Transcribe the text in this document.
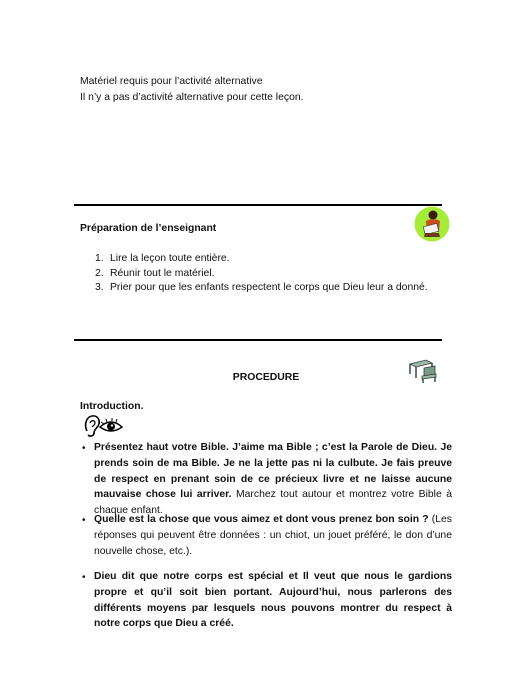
Matériel requis pour l’activité alternative
Il n’y a pas d’activité alternative pour cette leçon.
Préparation de l’enseignant
1. Lire la leçon toute entière.
2. Réunir tout le matériel.
3. Prier pour que les enfants respectent le corps que Dieu leur a donné.
PROCEDURE
Introduction.
• Présentez haut votre Bible. J’aime ma Bible ; c’est la Parole de Dieu. Je prends soin de ma Bible. Je ne la jette pas ni la culbute. Je fais preuve de respect en prenant soin de ce précieux livre et ne laisse aucune mauvaise chose lui arriver. Marchez tout autour et montrez votre Bible à chaque enfant.
• Quelle est la chose que vous aimez et dont vous prenez bon soin ? (Les réponses qui peuvent être données : un chiot, un jouet préféré, le don d’une nouvelle chose, etc.).
• Dieu dit que notre corps est spécial et Il veut que nous le gardions propre et qu’il soit bien portant. Aujourd’hui, nous parlerons des différents moyens par lesquels nous pouvons montrer du respect à notre corps que Dieu a créé.
